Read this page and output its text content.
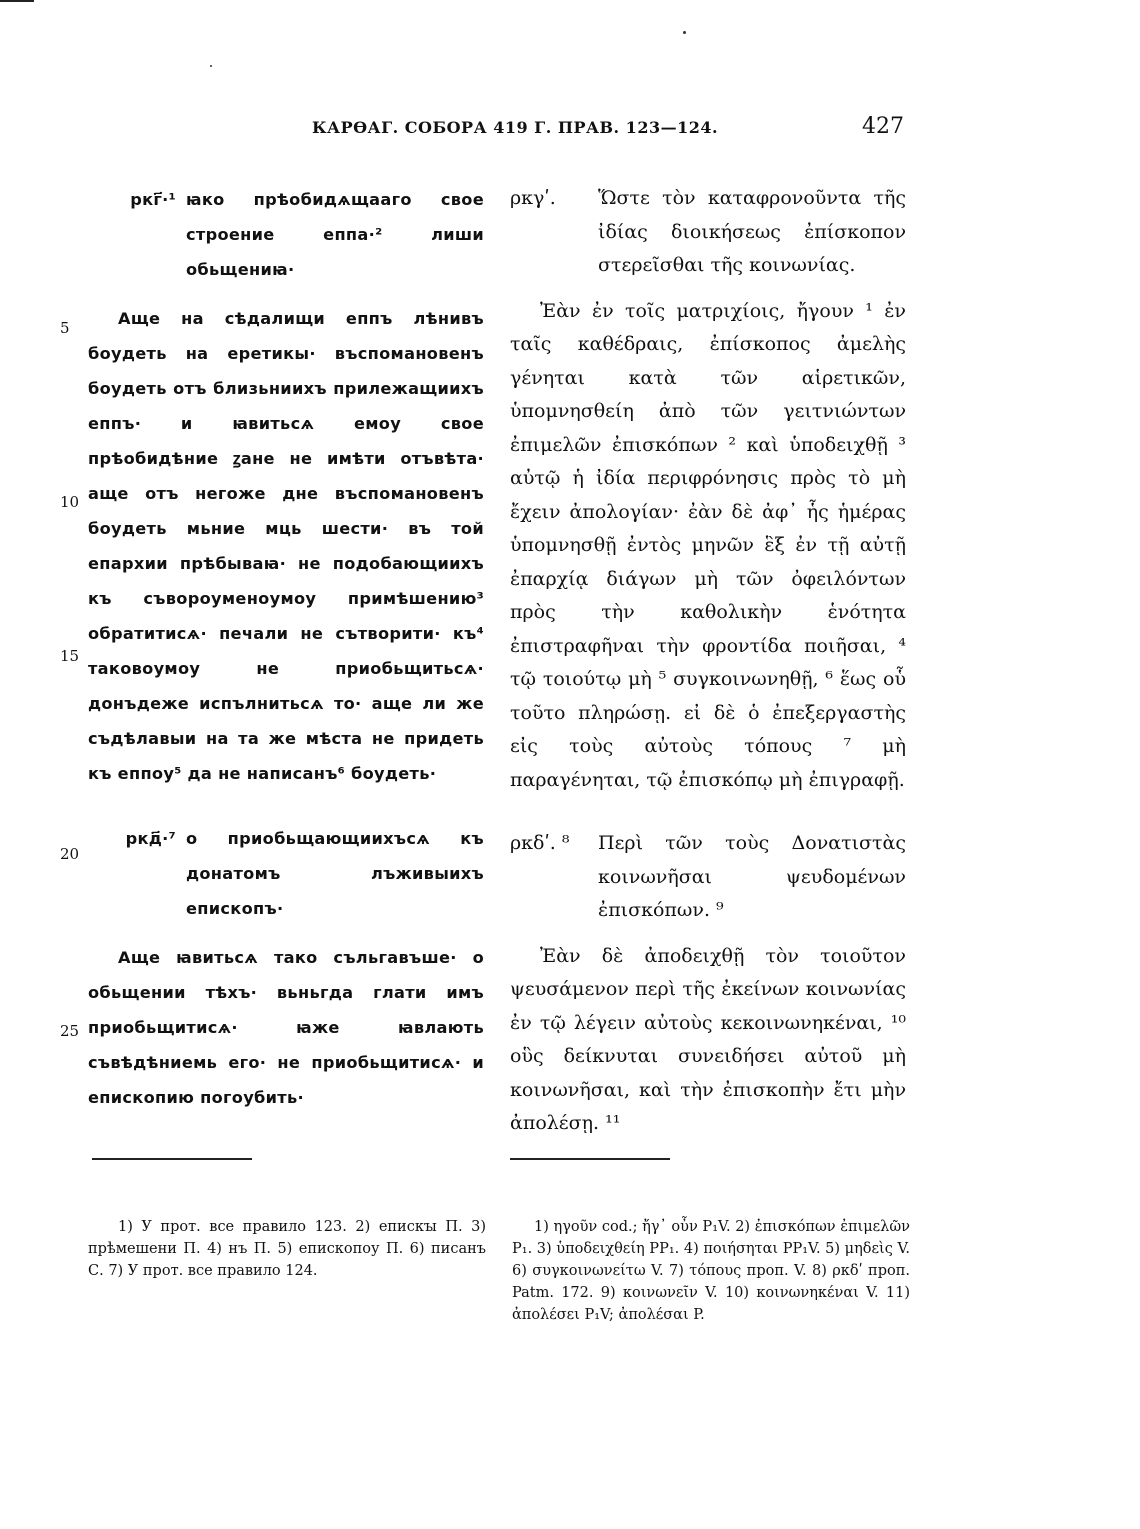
КАРѲАГ. СОБОРА 419 Г. ПРАВ. 123—124.	427
5
10
15
20
25
ркг҃·¹ ꙗко прѣобидѧщааго свое строение еппа·² лиши обьщениꙗ·

Аще на сѣдалищи еппъ лѣнивъ боудеть на еретикы· въспомановенъ боудеть отъ близьниихъ прилежащиихъ еппъ· и ꙗвитьсѧ емоу свое прѣобидѣние ꙁане не имѣти отъвѣта· аще отъ негоже дне въспомановенъ боудеть мьние мць шести· въ той епархии прѣбываꙗ· не подобающиихъ къ съвороуменоумоу примѣшению³ обратитисѧ· печали не сътворити· къ⁴ таковоумоу не приобьщитьсѧ· донъдеже испълнитьсѧ то· аще ли же съдѣлавыи на та же мѣста не придеть къ еппоу⁵ да не написанъ⁶ боудеть·

ркд҃·⁷ о приобьщающиихъсѧ къ донатомъ лъживыихъ епископъ·

Аще ꙗвитьсѧ тако съльгавъше· о обьщении тѣхъ· вьньгда глати имъ приобьщитисѧ· ꙗже ꙗвлають съвѣдѣниемь его· не приобьщитисѧ· и епископию погоубить·

ρκγʹ.	Ὥστε τὸν καταφρονοῦντα τῆς ἰδίας διοικήσεως ἐπίσκοπον στερεῖσθαι τῆς κοινωνίας.

Ἐὰν ἐν τοῖς ματριχίοις, ἤγουν ¹ ἐν ταῖς καθέδραις, ἐπίσκοπος ἀμελὴς γένηται κατὰ τῶν αἱρετικῶν, ὑπομνησθείη ἀπὸ τῶν γειτνιώντων ἐπιμελῶν ἐπισκόπων ² καὶ ὑποδειχθῇ ³ αὐτῷ ἡ ἰδία περιφρόνησις πρὸς τὸ μὴ ἔχειν ἀπολογίαν· ἐὰν δὲ ἀφ᾽ ἧς ἡμέρας ὑπομνησθῇ ἐντὸς μηνῶν ἓξ ἐν τῇ αὐτῇ ἐπαρχίᾳ διάγων μὴ τῶν ὀφειλόντων πρὸς τὴν καθολικὴν ἑνότητα ἐπιστραφῆναι τὴν φροντίδα ποιῆσαι, ⁴ τῷ τοιούτῳ μὴ ⁵ συγκοινωνηθῇ, ⁶ ἕως οὗ τοῦτο πληρώσῃ. εἰ δὲ ὁ ἐπεξεργαστὴς εἰς τοὺς αὐτοὺς τόπους ⁷ μὴ παραγένηται, τῷ ἐπισκόπῳ μὴ ἐπιγραφῇ.

ρκδʹ. ⁸	Περὶ τῶν τοὺς Δονατιστὰς κοινωνῆσαι ψευδομένων ἐπισκόπων. ⁹

Ἐὰν δὲ ἀποδειχθῇ τὸν τοιοῦτον ψευσάμενον περὶ τῆς ἐκείνων κοινωνίας ἐν τῷ λέγειν αὐτοὺς κεκοινωνηκέναι, ¹⁰ οὓς δείκνυται συνειδήσει αὐτοῦ μὴ κοινωνῆσαι, καὶ τὴν ἐπισκοπὴν ἔτι μὴν ἀπολέσῃ. ¹¹

1) У прот. все правило 123. 2) епискꙑ П. 3) прѣмешени П. 4) нъ П. 5) епископоу П. 6) писанъ С. 7) У прот. все правило 124.
1) ηγοῦν cod.; ἤγ᾽ οὖν P₁V. 2) ἐπισκόπων ἐπιμελῶν P₁. 3) ὑποδειχθείη PP₁. 4) ποιήσηται PP₁V. 5) μηδεὶς V. 6) συγκοινωνείτω V. 7) τόπους проп. V. 8) ρκδʹ проп. Patm. 172. 9) κοινωνεῖν V. 10) κοινωνηκέναι V. 11) ἀπολέσει P₁V; ἀπολέσαι P.
